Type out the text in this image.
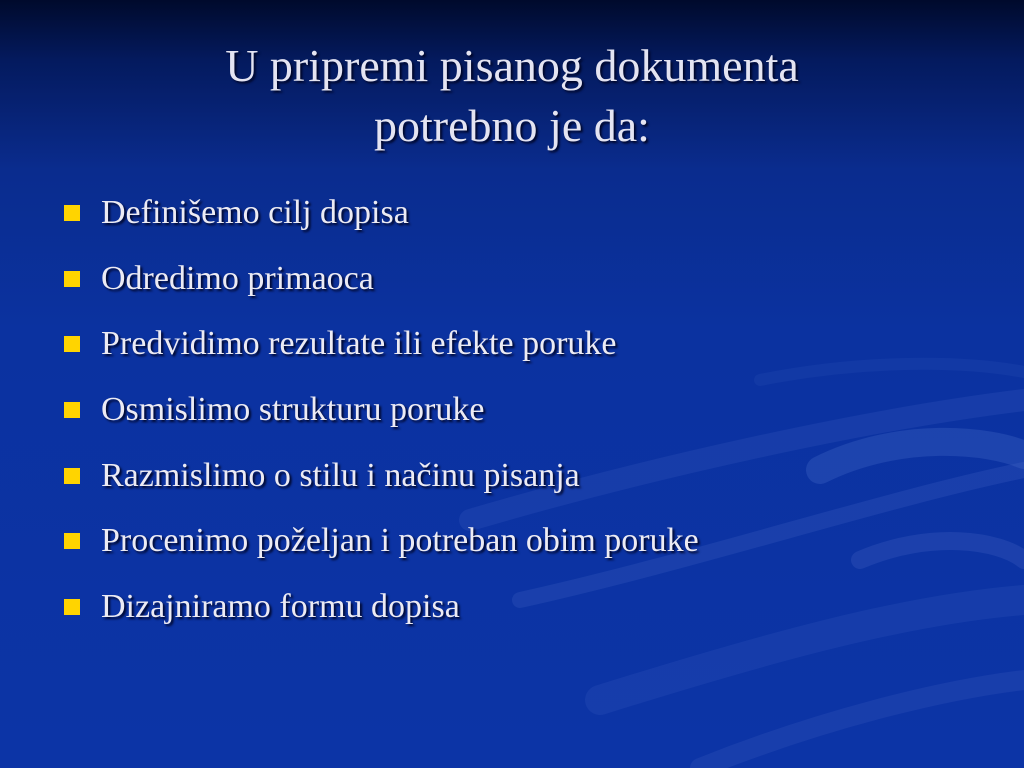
U pripremi pisanog dokumenta
potrebno je da:
Definišemo cilj dopisa
Odredimo primaoca
Predvidimo rezultate ili efekte poruke
Osmislimo strukturu poruke
Razmislimo o stilu i načinu pisanja
Procenimo poželjan i potreban obim poruke
Dizajniramo formu dopisa
